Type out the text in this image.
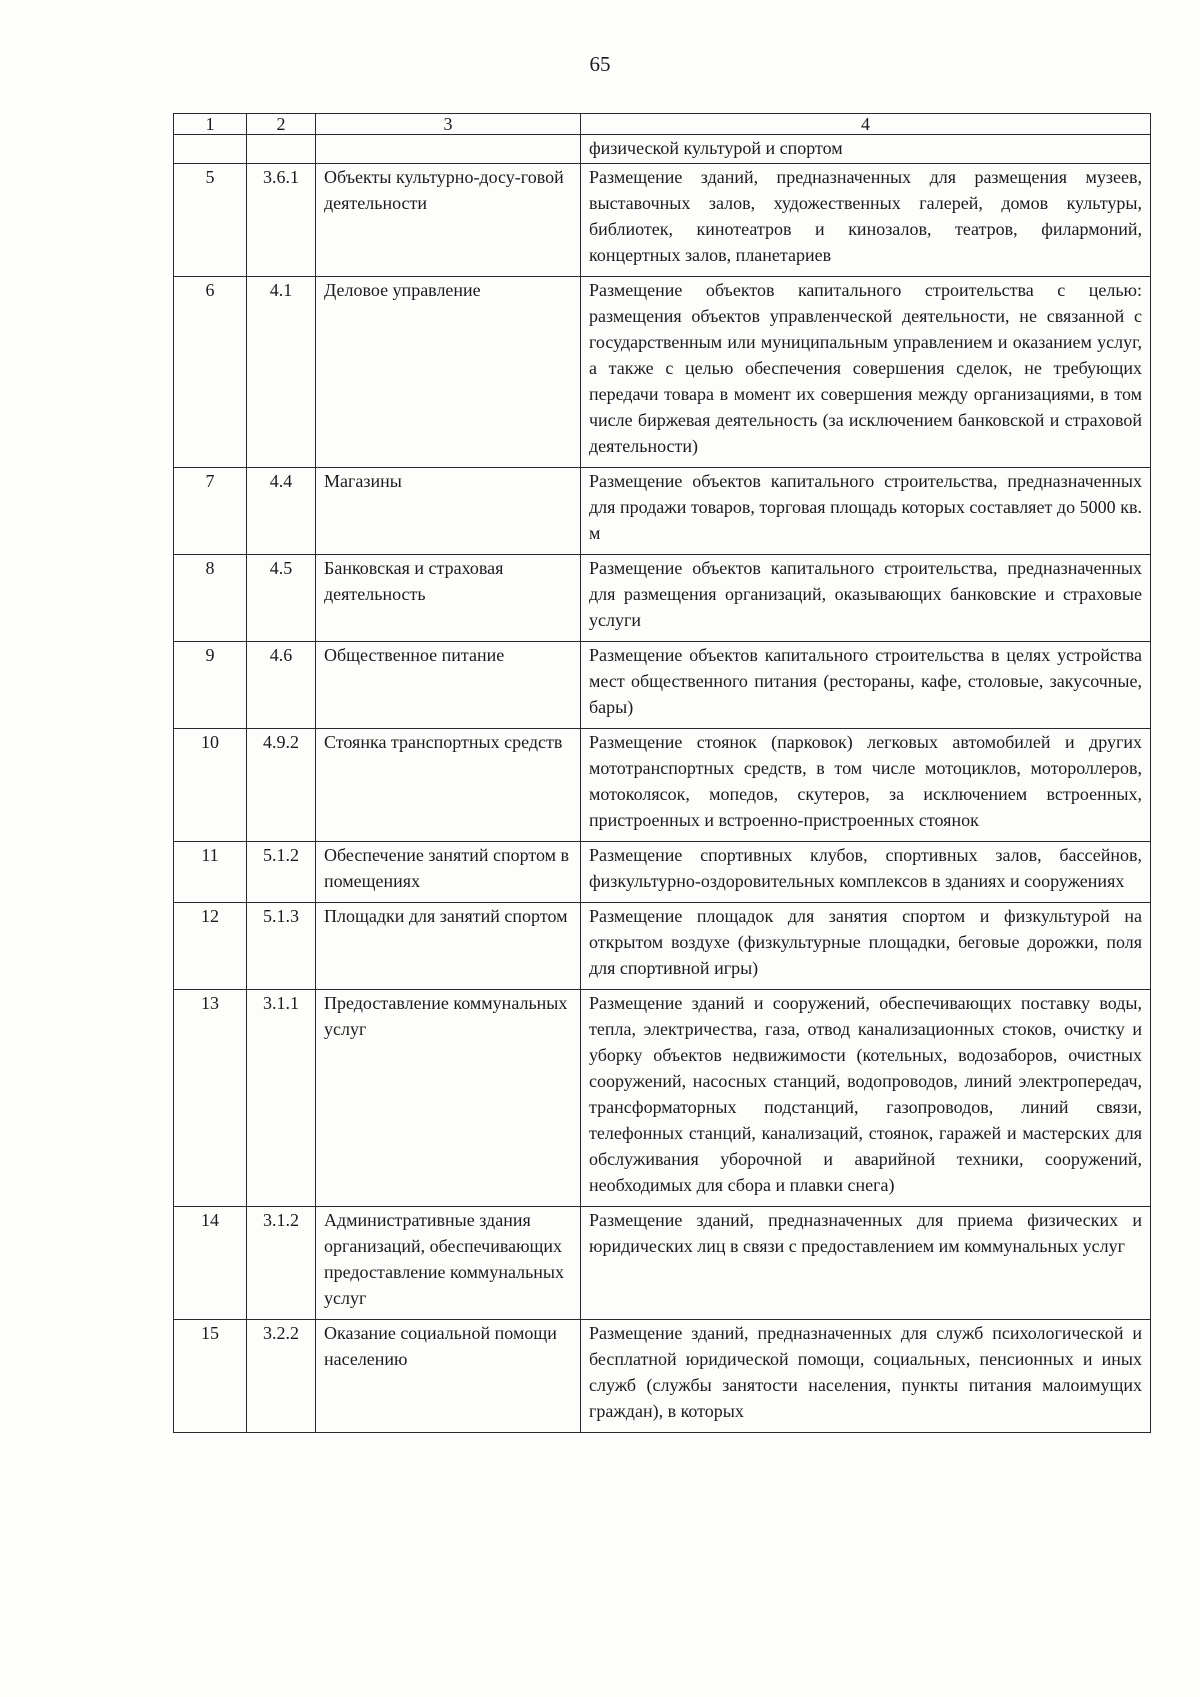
65
1	2	3	4
			физической культурой и спортом
5	3.6.1	Объекты культурно-досу-говой деятельности	Размещение зданий, предназначенных для размещения музеев, выставочных залов, художественных галерей, домов культуры, библиотек, кинотеатров и кинозалов, театров, филармоний, концертных залов, планетариев
6	4.1	Деловое управление	Размещение объектов капитального строительства с целью: размещения объектов управленческой деятельности, не связанной с государственным или муниципальным управлением и оказанием услуг, а также с целью обеспечения совершения сделок, не требующих передачи товара в момент их совершения между организациями, в том числе биржевая деятельность (за исключением банковской и страховой деятельности)
7	4.4	Магазины	Размещение объектов капитального строительства, предназначенных для продажи товаров, торговая площадь которых составляет до 5000 кв. м
8	4.5	Банковская и страховая деятельность	Размещение объектов капитального строительства, предназначенных для размещения организаций, оказывающих банковские и страховые услуги
9	4.6	Общественное питание	Размещение объектов капитального строительства в целях устройства мест общественного питания (рестораны, кафе, столовые, закусочные, бары)
10	4.9.2	Стоянка транспортных средств	Размещение стоянок (парковок) легковых автомобилей и других мототранспортных средств, в том числе мотоциклов, мотороллеров, мотоколясок, мопедов, скутеров, за исключением встроенных, пристроенных и встроенно-пристроенных стоянок
11	5.1.2	Обеспечение занятий спортом в помещениях	Размещение спортивных клубов, спортивных залов, бассейнов, физкультурно-оздоровительных комплексов в зданиях и сооружениях
12	5.1.3	Площадки для занятий спортом	Размещение площадок для занятия спортом и физкультурой на открытом воздухе (физкультурные площадки, беговые дорожки, поля для спортивной игры)
13	3.1.1	Предоставление коммунальных услуг	Размещение зданий и сооружений, обеспечивающих поставку воды, тепла, электричества, газа, отвод канализационных стоков, очистку и уборку объектов недвижимости (котельных, водозаборов, очистных сооружений, насосных станций, водопроводов, линий электропередач, трансформаторных подстанций, газопроводов, линий связи, телефонных станций, канализаций, стоянок, гаражей и мастерских для обслуживания уборочной и аварийной техники, сооружений, необходимых для сбора и плавки снега)
14	3.1.2	Административные здания организаций, обеспечивающих предоставление коммунальных услуг	Размещение зданий, предназначенных для приема физических и юридических лиц в связи с предоставлением им коммунальных услуг
15	3.2.2	Оказание социальной помощи населению	Размещение зданий, предназначенных для служб психологической и бесплатной юридической помощи, социальных, пенсионных и иных служб (службы занятости населения, пункты питания малоимущих граждан), в которых
